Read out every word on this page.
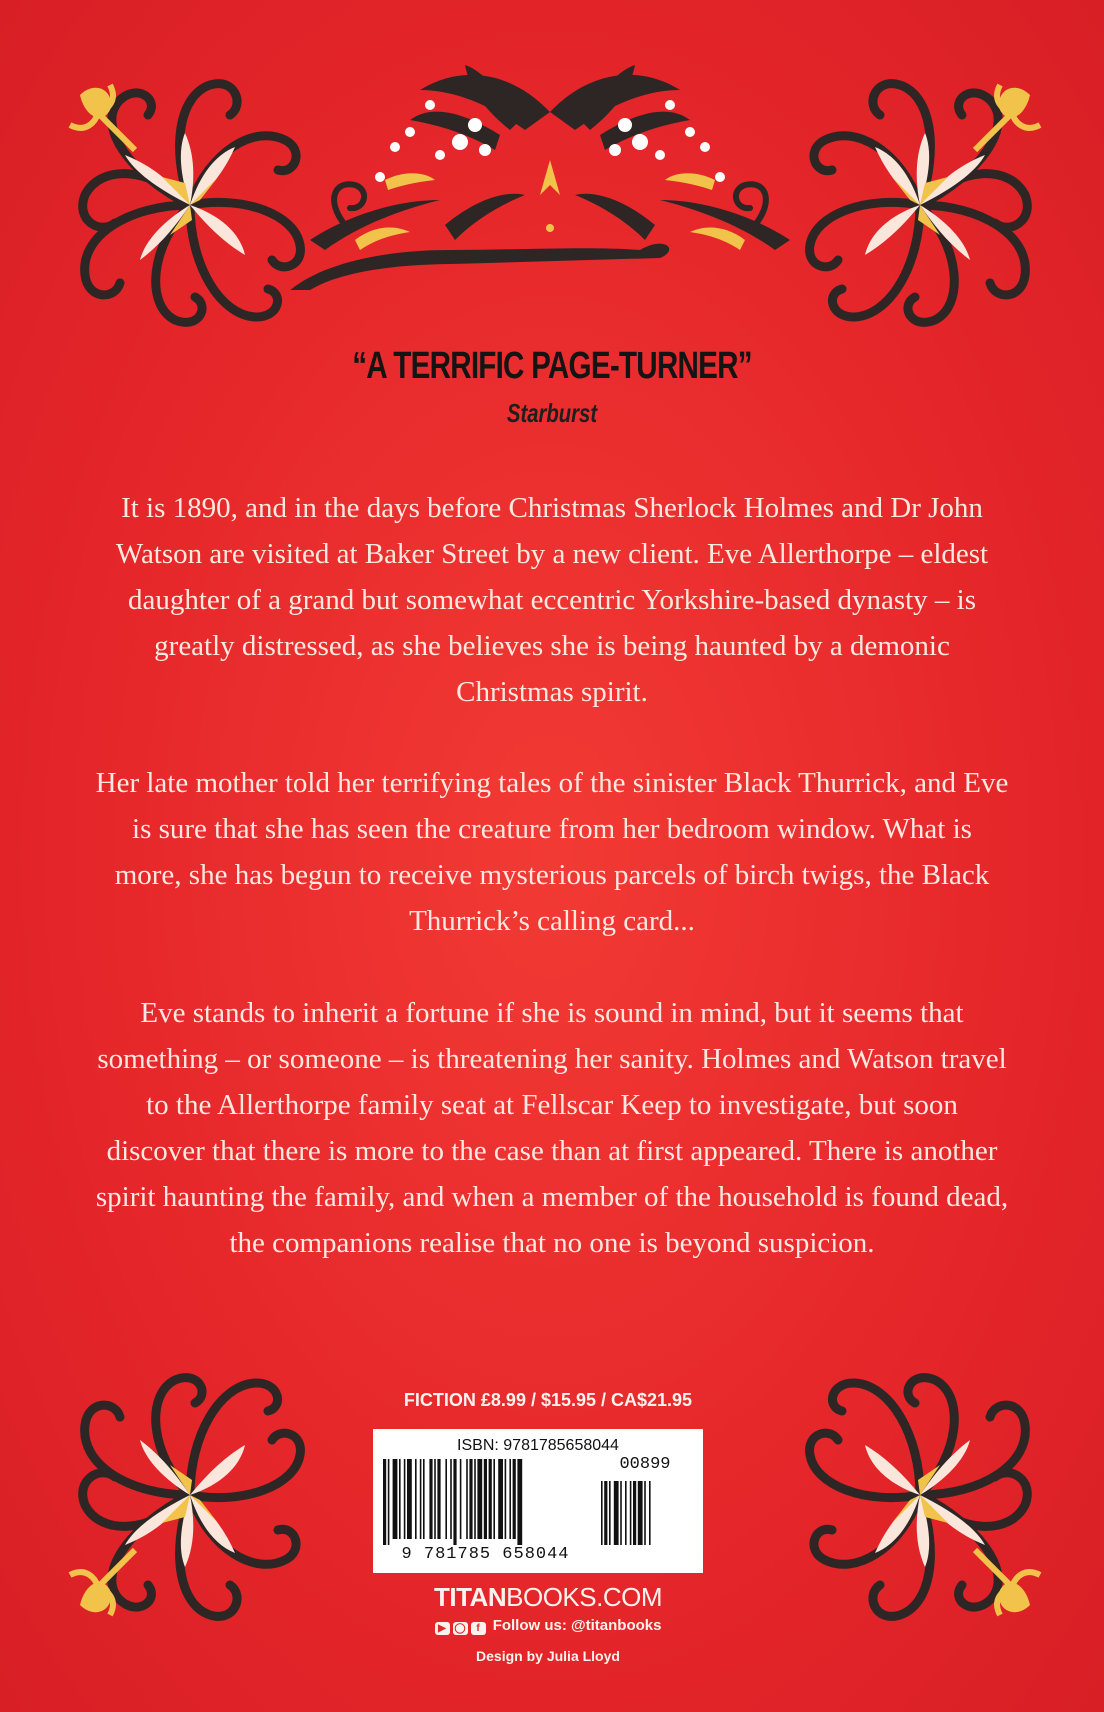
“A TERRIFIC PAGE-TURNER”
Starburst

It is 1890, and in the days before Christmas Sherlock Holmes and Dr John Watson are visited at Baker Street by a new client. Eve Allerthorpe – eldest daughter of a grand but somewhat eccentric Yorkshire-based dynasty – is greatly distressed, as she believes she is being haunted by a demonic Christmas spirit.

Her late mother told her terrifying tales of the sinister Black Thurrick, and Eve is sure that she has seen the creature from her bedroom window. What is more, she has begun to receive mysterious parcels of birch twigs, the Black Thurrick’s calling card...

Eve stands to inherit a fortune if she is sound in mind, but it seems that something – or someone – is threatening her sanity. Holmes and Watson travel to the Allerthorpe family seat at Fellscar Keep to investigate, but soon discover that there is more to the case than at first appeared. There is another spirit haunting the family, and when a member of the household is found dead, the companions realise that no one is beyond suspicion.

FICTION £8.99 / $15.95 / CA$21.95
ISBN: 9781785658044
00899
9 781785 658044
TITANBOOKS.COM
▶ ◯ f Follow us: @titanbooks
Design by Julia Lloyd
